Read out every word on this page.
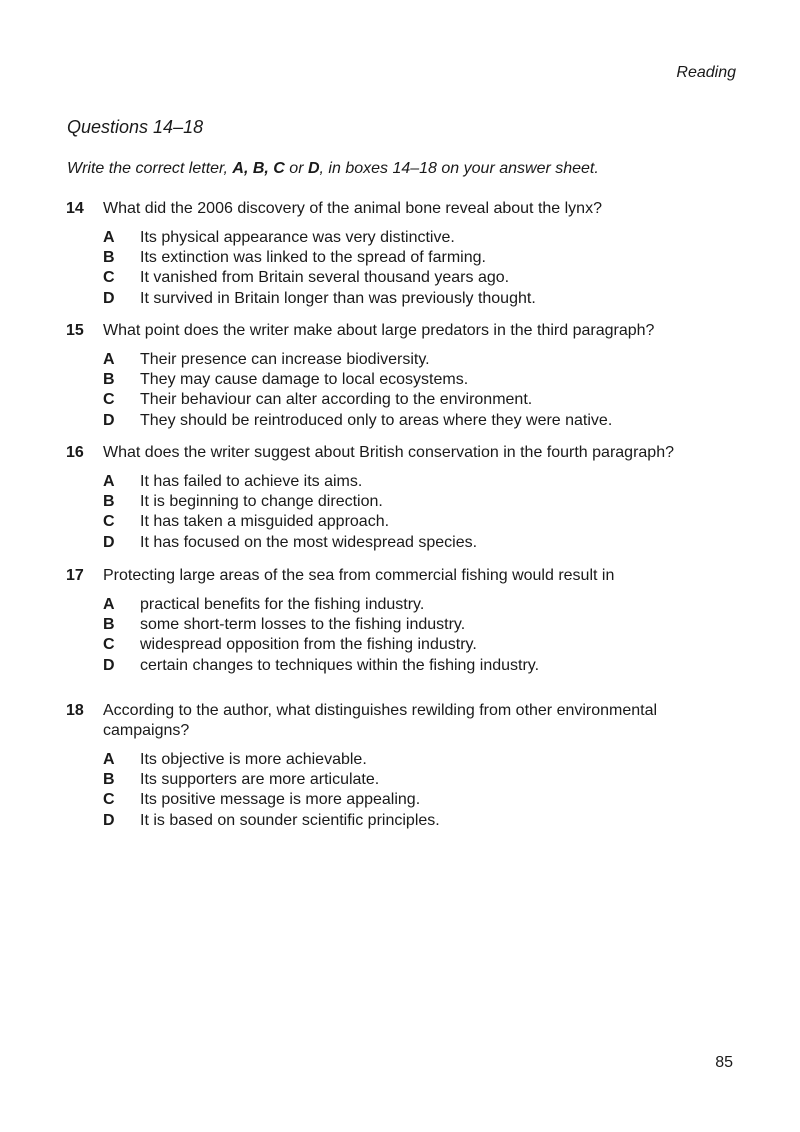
Reading
Questions 14–18
Write the correct letter, A, B, C or D, in boxes 14–18 on your answer sheet.
14	What did the 2006 discovery of the animal bone reveal about the lynx?
A	Its physical appearance was very distinctive.
B	Its extinction was linked to the spread of farming.
C	It vanished from Britain several thousand years ago.
D	It survived in Britain longer than was previously thought.
15	What point does the writer make about large predators in the third paragraph?
A	Their presence can increase biodiversity.
B	They may cause damage to local ecosystems.
C	Their behaviour can alter according to the environment.
D	They should be reintroduced only to areas where they were native.
16	What does the writer suggest about British conservation in the fourth paragraph?
A	It has failed to achieve its aims.
B	It is beginning to change direction.
C	It has taken a misguided approach.
D	It has focused on the most widespread species.
17	Protecting large areas of the sea from commercial fishing would result in
A	practical benefits for the fishing industry.
B	some short-term losses to the fishing industry.
C	widespread opposition from the fishing industry.
D	certain changes to techniques within the fishing industry.
18	According to the author, what distinguishes rewilding from other environmental campaigns?
A	Its objective is more achievable.
B	Its supporters are more articulate.
C	Its positive message is more appealing.
D	It is based on sounder scientific principles.
85
